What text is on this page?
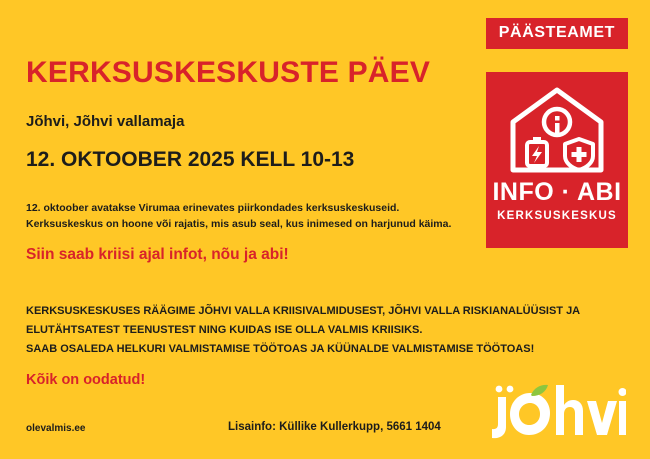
PÄÄSTEAMET
INFO · ABI
KERKSUSKESKUS
KERKSUSKESKUSTE PÄEV
Jõhvi, Jõhvi vallamaja
12. OKTOOBER 2025 KELL 10-13
12. oktoober avatakse Virumaa erinevates piirkondades kerksuskeskuseid.
Kerksuskeskus on hoone või rajatis, mis asub seal, kus inimesed on harjunud käima.
Siin saab kriisi ajal infot, nõu ja abi!
KERKSUSKESKUSES RÄÄGIME JÕHVI VALLA KRIISIVALMIDUSEST, JÕHVI VALLA RISKIANALÜÜSIST JA
ELUTÄHTSATEST TEENUSTEST NING KUIDAS ISE OLLA VALMIS KRIISIKS.
SAAB OSALEDA HELKURI VALMISTAMISE TÖÖTOAS JA KÜÜNALDE VALMISTAMISE TÖÖTOAS!
Kõik on oodatud!
olevalmis.ee	Lisainfo: Küllike Kullerkupp, 5661 1404
